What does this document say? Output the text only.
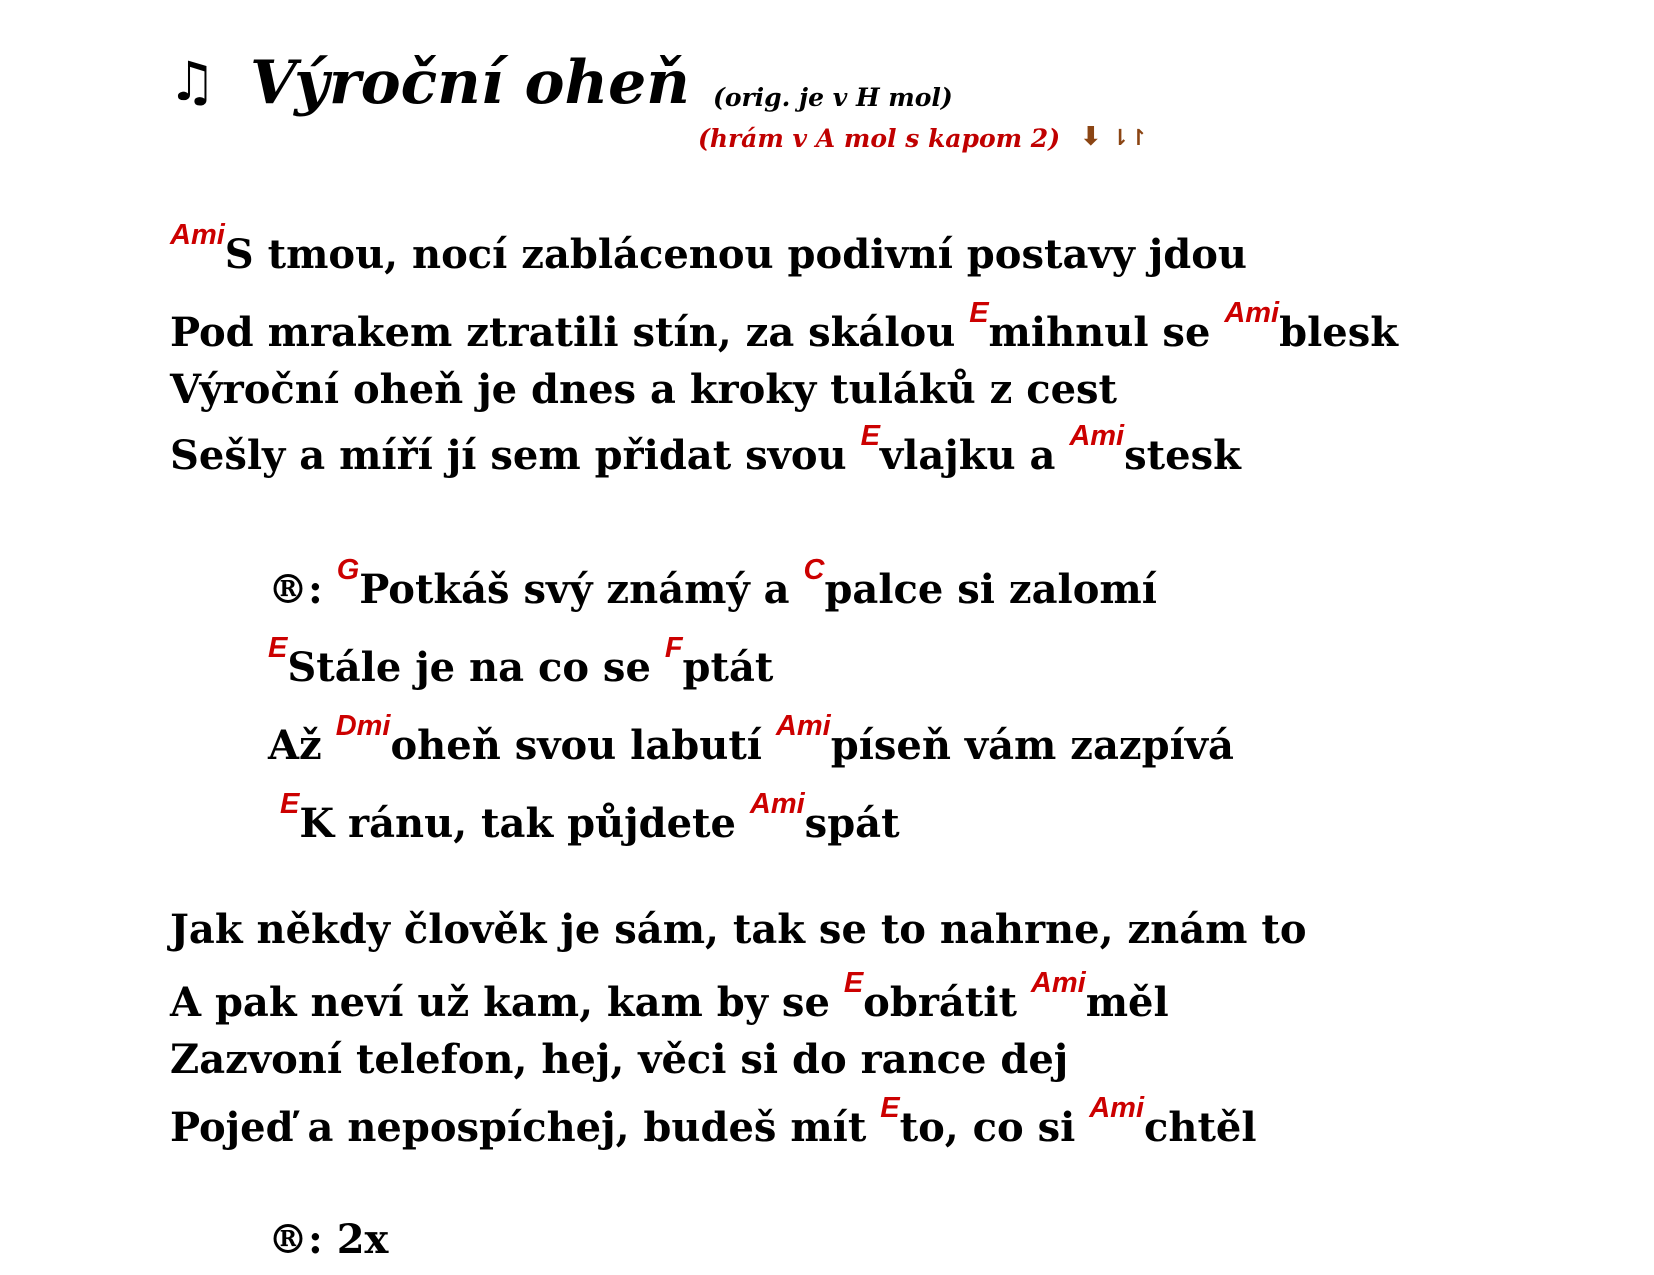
♫ Výroční oheň (orig. je v H mol)
(hrám v A mol s kapom 2) ⬇ ⇂↾
$^{Ami}$S tmou, nocí zablácenou podivní postavy jdou
Pod mrakem ztratili stín, za skálou $^E$mihnul se $^{Ami}$blesk
Výroční oheň je dnes a kroky tuláků z cest
Sešly a míří jí sem přidat svou $^E$vlajku a $^{Ami}$stesk
®: $^G$Potkáš svý známý a $^C$palce si zalomí
$^E$Stále je na co se $^F$ptát
Až $^{Dmi}$oheň svou labutí $^{Ami}$píseň vám zazpívá
$^E$K ránu, tak půjdete $^{Ami}$spát
Jak někdy člověk je sám, tak se to nahrne, znám to
A pak neví už kam, kam by se $^E$obrátit $^{Ami}$měl
Zazvoní telefon, hej, věci si do rance dej
Pojeď a nepospíchej, budeš mít $^E$to, co si $^{Ami}$chtěl
®: 2x
